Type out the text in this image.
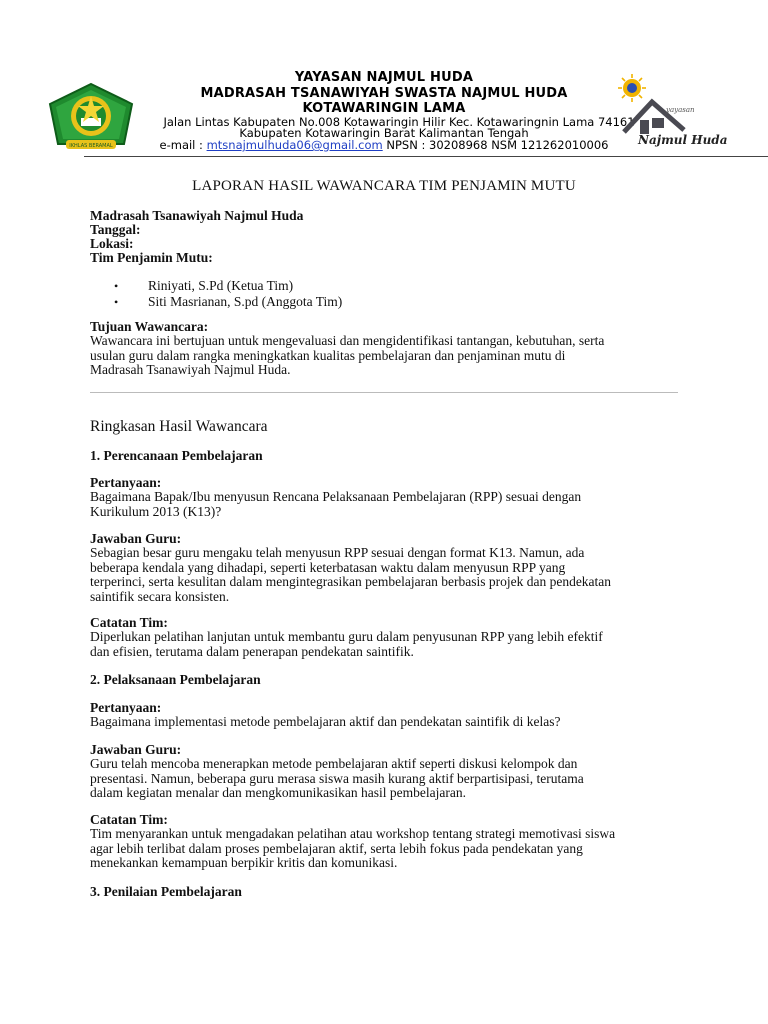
IKHLAS BERAMAL
YAYASAN NAJMUL HUDA
MADRASAH TSANAWIYAH SWASTA NAJMUL HUDA
KOTAWARINGIN LAMA
Jalan Lintas Kabupaten No.008 Kotawaringin Hilir Kec. Kotawaringnin Lama 74161
Kabupaten Kotawaringin Barat Kalimantan Tengah
e-mail : mtsnajmulhuda06@gmail.com NPSN : 30208968 NSM 121262010006
yayasan
Najmul Huda
LAPORAN HASIL WAWANCARA TIM PENJAMIN MUTU
Madrasah Tsanawiyah Najmul Huda
Tanggal:
Lokasi:
Tim Penjamin Mutu:
• Riniyati, S.Pd (Ketua Tim)
• Siti Masrianan, S.pd (Anggota Tim)
Tujuan Wawancara:
Wawancara ini bertujuan untuk mengevaluasi dan mengidentifikasi tantangan, kebutuhan, serta
usulan guru dalam rangka meningkatkan kualitas pembelajaran dan penjaminan mutu di
Madrasah Tsanawiyah Najmul Huda.
Ringkasan Hasil Wawancara
1. Perencanaan Pembelajaran
Pertanyaan:
Bagaimana Bapak/Ibu menyusun Rencana Pelaksanaan Pembelajaran (RPP) sesuai dengan
Kurikulum 2013 (K13)?
Jawaban Guru:
Sebagian besar guru mengaku telah menyusun RPP sesuai dengan format K13. Namun, ada
beberapa kendala yang dihadapi, seperti keterbatasan waktu dalam menyusun RPP yang
terperinci, serta kesulitan dalam mengintegrasikan pembelajaran berbasis projek dan pendekatan
saintifik secara konsisten.
Catatan Tim:
Diperlukan pelatihan lanjutan untuk membantu guru dalam penyusunan RPP yang lebih efektif
dan efisien, terutama dalam penerapan pendekatan saintifik.
2. Pelaksanaan Pembelajaran
Pertanyaan:
Bagaimana implementasi metode pembelajaran aktif dan pendekatan saintifik di kelas?
Jawaban Guru:
Guru telah mencoba menerapkan metode pembelajaran aktif seperti diskusi kelompok dan
presentasi. Namun, beberapa guru merasa siswa masih kurang aktif berpartisipasi, terutama
dalam kegiatan menalar dan mengkomunikasikan hasil pembelajaran.
Catatan Tim:
Tim menyarankan untuk mengadakan pelatihan atau workshop tentang strategi memotivasi siswa
agar lebih terlibat dalam proses pembelajaran aktif, serta lebih fokus pada pendekatan yang
menekankan kemampuan berpikir kritis dan komunikasi.
3. Penilaian Pembelajaran
